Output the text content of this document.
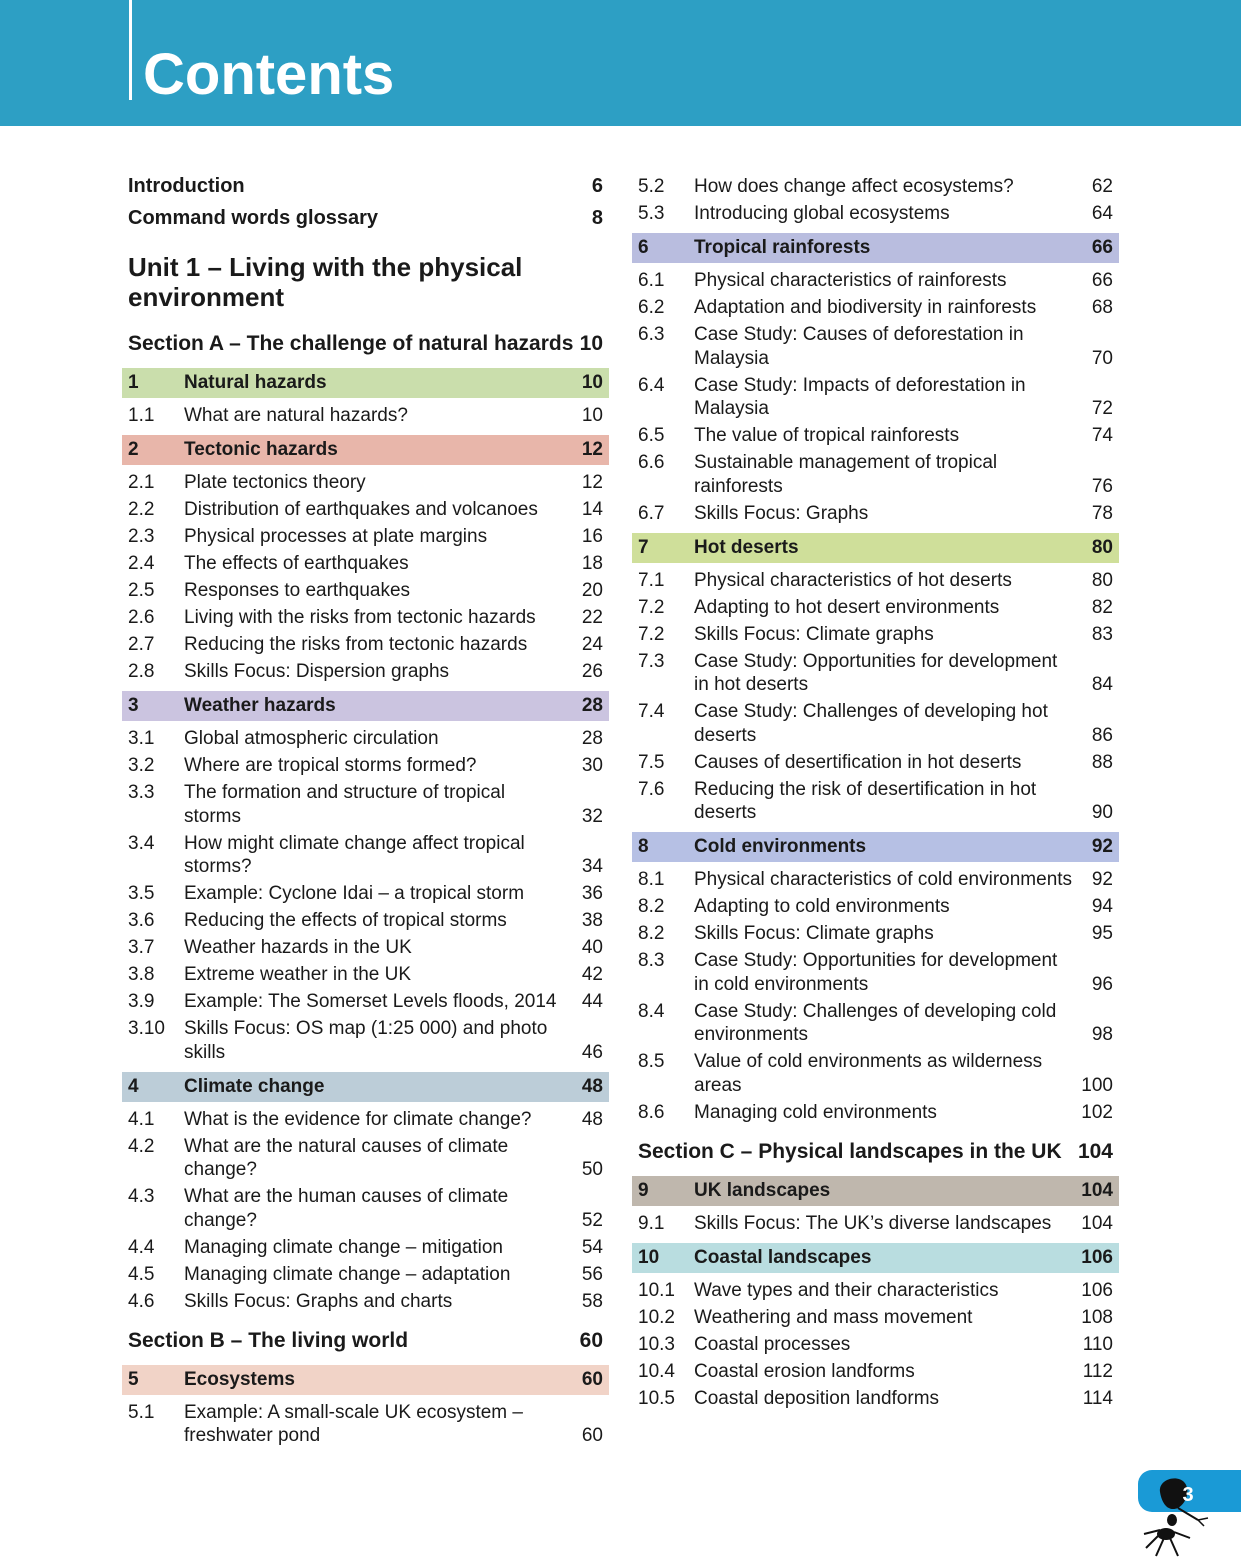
Contents
Introduction	6
Command words glossary	8
Unit 1 – Living with the physical environment
Section A – The challenge of natural hazards 10
1	Natural hazards	10
1.1	What are natural hazards?	10
2	Tectonic hazards	12
2.1	Plate tectonics theory	12
2.2	Distribution of earthquakes and volcanoes	14
2.3	Physical processes at plate margins	16
2.4	The effects of earthquakes	18
2.5	Responses to earthquakes	20
2.6	Living with the risks from tectonic hazards	22
2.7	Reducing the risks from tectonic hazards	24
2.8	Skills Focus: Dispersion graphs	26
3	Weather hazards	28
3.1	Global atmospheric circulation	28
3.2	Where are tropical storms formed?	30
3.3	The formation and structure of tropical storms	32
3.4	How might climate change affect tropical storms?	34
3.5	Example: Cyclone Idai – a tropical storm	36
3.6	Reducing the effects of tropical storms	38
3.7	Weather hazards in the UK	40
3.8	Extreme weather in the UK	42
3.9	Example: The Somerset Levels floods, 2014	44
3.10	Skills Focus: OS map (1:25 000) and photo skills	46
4	Climate change	48
4.1	What is the evidence for climate change?	48
4.2	What are the natural causes of climate change?	50
4.3	What are the human causes of climate change?	52
4.4	Managing climate change – mitigation	54
4.5	Managing climate change – adaptation	56
4.6	Skills Focus: Graphs and charts	58
Section B – The living world	60
5	Ecosystems	60
5.1	Example: A small-scale UK ecosystem – freshwater pond	60
5.2	How does change affect ecosystems?	62
5.3	Introducing global ecosystems	64
6	Tropical rainforests	66
6.1	Physical characteristics of rainforests	66
6.2	Adaptation and biodiversity in rainforests	68
6.3	Case Study: Causes of deforestation in Malaysia	70
6.4	Case Study: Impacts of deforestation in Malaysia	72
6.5	The value of tropical rainforests	74
6.6	Sustainable management of tropical rainforests	76
6.7	Skills Focus: Graphs	78
7	Hot deserts	80
7.1	Physical characteristics of hot deserts	80
7.2	Adapting to hot desert environments	82
7.2	Skills Focus: Climate graphs	83
7.3	Case Study: Opportunities for development in hot deserts	84
7.4	Case Study: Challenges of developing hot deserts	86
7.5	Causes of desertification in hot deserts	88
7.6	Reducing the risk of desertification in hot deserts	90
8	Cold environments	92
8.1	Physical characteristics of cold environments	92
8.2	Adapting to cold environments	94
8.2	Skills Focus: Climate graphs	95
8.3	Case Study: Opportunities for development in cold environments	96
8.4	Case Study: Challenges of developing cold environments	98
8.5	Value of cold environments as wilderness areas	100
8.6	Managing cold environments	102
Section C – Physical landscapes in the UK 104
9	UK landscapes	104
9.1	Skills Focus: The UK’s diverse landscapes	104
10	Coastal landscapes	106
10.1	Wave types and their characteristics	106
10.2	Weathering and mass movement	108
10.3	Coastal processes	110
10.4	Coastal erosion landforms	112
10.5	Coastal deposition landforms	114
3
